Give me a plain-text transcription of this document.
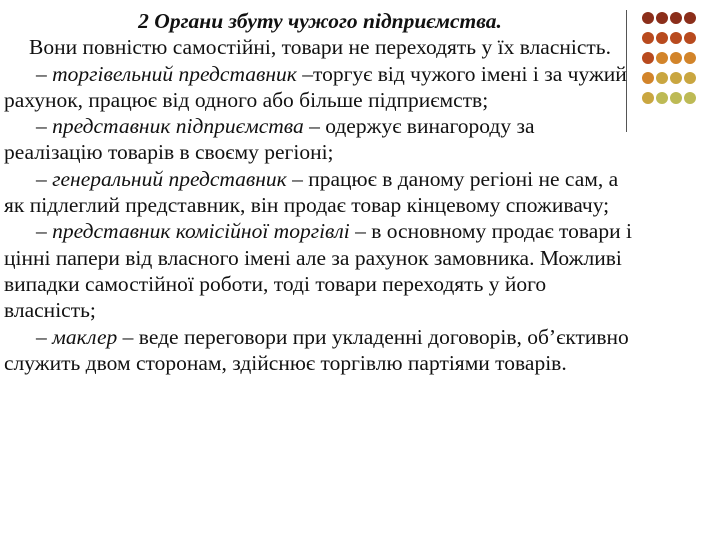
2 Органи збуту чужого підприємства.

Вони повністю самостійні, товари не переходять у їх власність.

– торгівельний представник –торгує від чужого імені і за чужий рахунок, працює від одного або більше підприємств;

– представник підприємства – одержує винагороду за реалізацію товарів в своєму регіоні;

– генеральний представник – працює в даному регіоні не сам, а як підлеглий представник, він продає товар кінцевому споживачу;

– представник комісійної торгівлі – в основному продає товари і цінні папери від власного імені але за рахунок замовника. Можливі випадки самостійної роботи, тоді товари переходять у його власність;

– маклер – веде переговори при укладенні договорів, об’єктивно служить двом сторонам, здійснює торгівлю партіями товарів.
